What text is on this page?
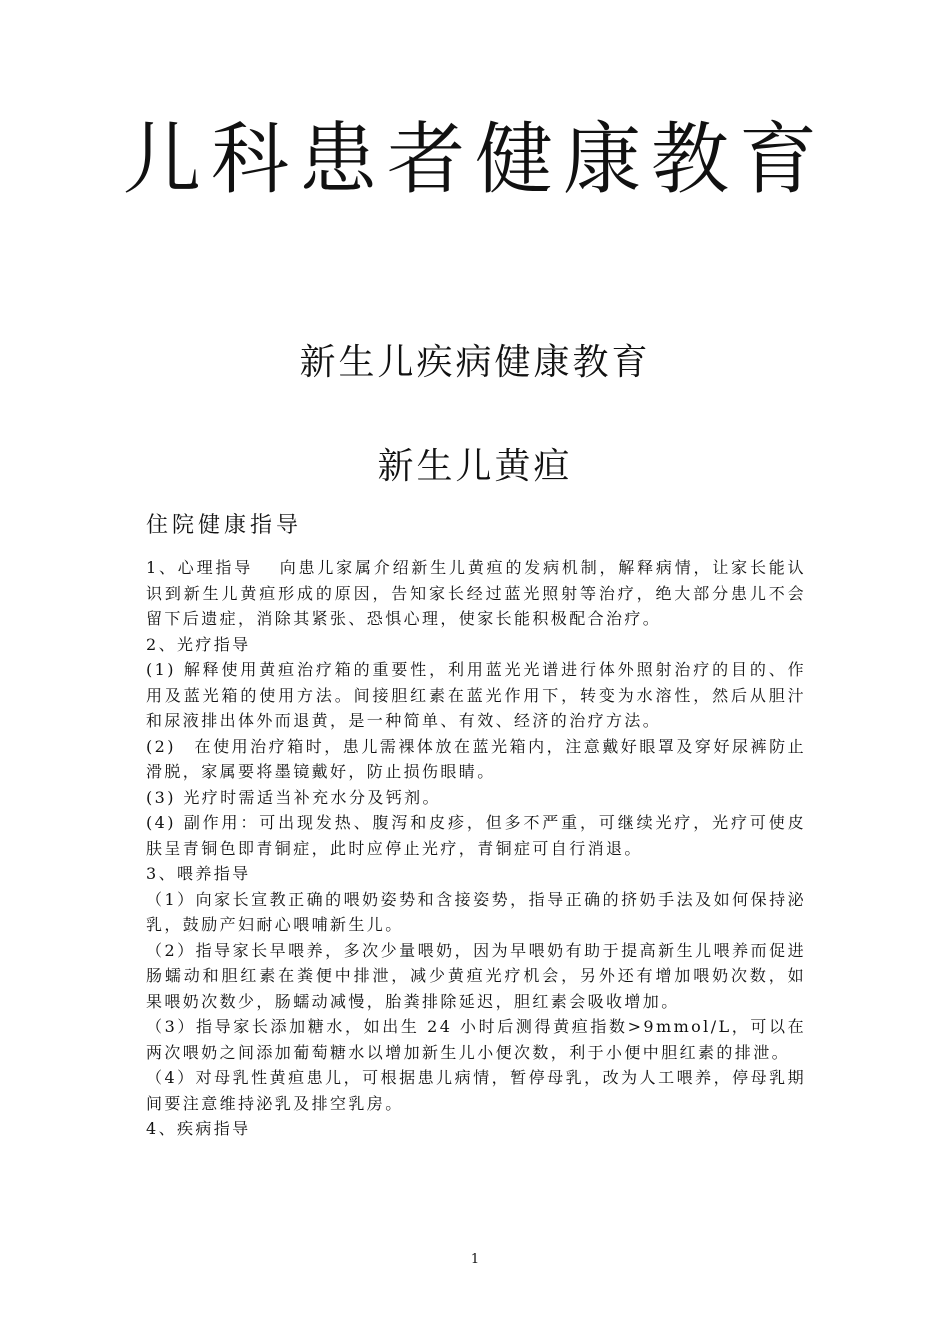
儿科患者健康教育
新生儿疾病健康教育
新生儿黄疸
住院健康指导

1、心理指导　 向患儿家属介绍新生儿黄疸的发病机制，解释病情，让家长能认识到新生儿黄疸形成的原因，告知家长经过蓝光照射等治疗，绝大部分患儿不会留下后遗症，消除其紧张、恐惧心理，使家长能积极配合治疗。

2、光疗指导

(1) 解释使用黄疸治疗箱的重要性，利用蓝光光谱进行体外照射治疗的目的、作用及蓝光箱的使用方法。间接胆红素在蓝光作用下，转变为水溶性，然后从胆汁和尿液排出体外而退黄，是一种简单、有效、经济的治疗方法。

(2)　在使用治疗箱时，患儿需裸体放在蓝光箱内，注意戴好眼罩及穿好尿裤防止滑脱，家属要将墨镜戴好，防止损伤眼睛。

(3) 光疗时需适当补充水分及钙剂。

(4) 副作用：可出现发热、腹泻和皮疹，但多不严重，可继续光疗，光疗可使皮肤呈青铜色即青铜症，此时应停止光疗，青铜症可自行消退。

3、喂养指导

（1）向家长宣教正确的喂奶姿势和含接姿势，指导正确的挤奶手法及如何保持泌乳，鼓励产妇耐心喂哺新生儿。

（2）指导家长早喂养，多次少量喂奶，因为早喂奶有助于提高新生儿喂养而促进肠蠕动和胆红素在粪便中排泄，减少黄疸光疗机会，另外还有增加喂奶次数，如果喂奶次数少，肠蠕动减慢，胎粪排除延迟，胆红素会吸收增加。

（3）指导家长添加糖水，如出生 24 小时后测得黄疸指数>9mmol/L，可以在两次喂奶之间添加葡萄糖水以增加新生儿小便次数，利于小便中胆红素的排泄。

（4）对母乳性黄疸患儿，可根据患儿病情，暂停母乳，改为人工喂养，停母乳期间要注意维持泌乳及排空乳房。

4、疾病指导

1
